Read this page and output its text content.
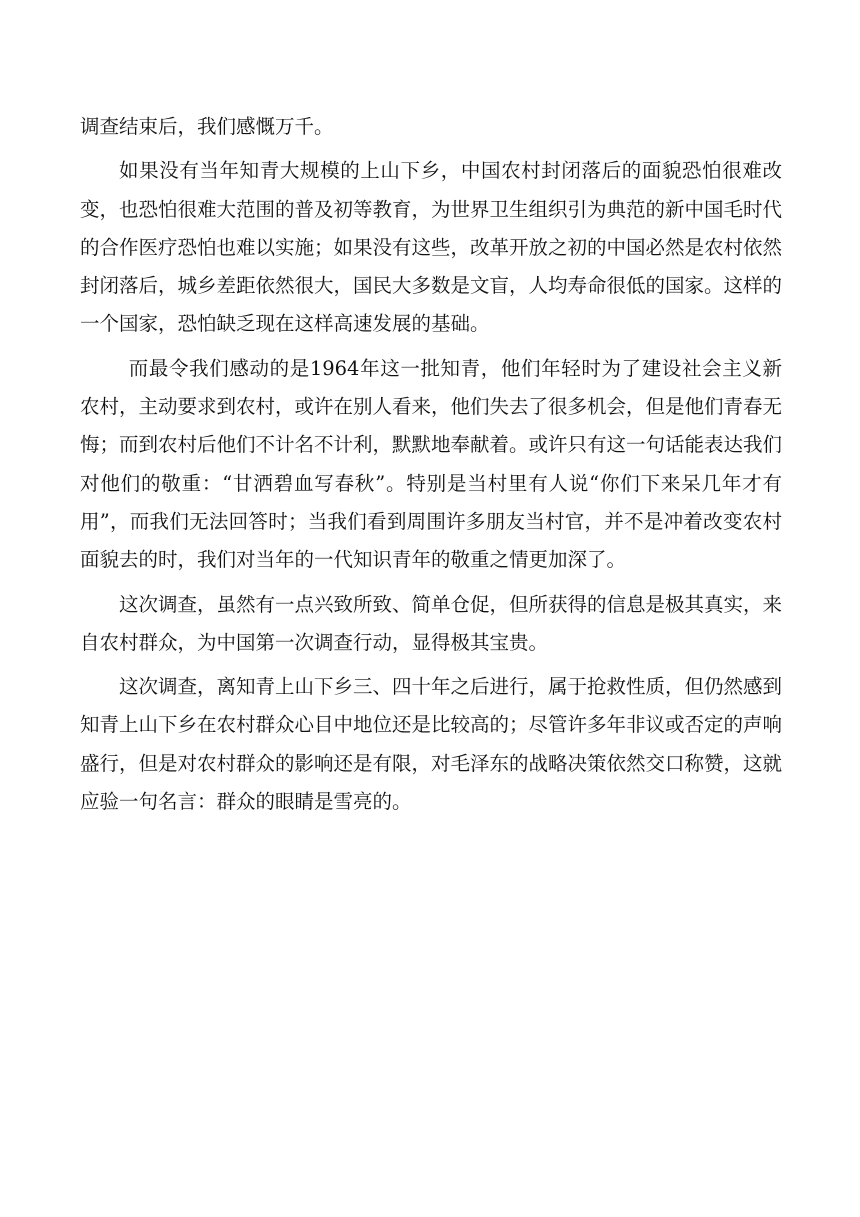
调查结束后，我们感慨万千。

如果没有当年知青大规模的上山下乡，中国农村封闭落后的面貌恐怕很难改变，也恐怕很难大范围的普及初等教育，为世界卫生组织引为典范的新中国毛时代的合作医疗恐怕也难以实施；如果没有这些，改革开放之初的中国必然是农村依然封闭落后，城乡差距依然很大，国民大多数是文盲，人均寿命很低的国家。这样的一个国家，恐怕缺乏现在这样高速发展的基础。

而最令我们感动的是1964年这一批知青，他们年轻时为了建设社会主义新农村，主动要求到农村，或许在别人看来，他们失去了很多机会，但是他们青春无悔；而到农村后他们不计名不计利，默默地奉献着。或许只有这一句话能表达我们对他们的敬重：“甘洒碧血写春秋”。特别是当村里有人说“你们下来呆几年才有用”，而我们无法回答时；当我们看到周围许多朋友当村官，并不是冲着改变农村面貌去的时，我们对当年的一代知识青年的敬重之情更加深了。

这次调查，虽然有一点兴致所致、简单仓促，但所获得的信息是极其真实，来自农村群众，为中国第一次调查行动，显得极其宝贵。

这次调查，离知青上山下乡三、四十年之后进行，属于抢救性质，但仍然感到知青上山下乡在农村群众心目中地位还是比较高的；尽管许多年非议或否定的声响盛行，但是对农村群众的影响还是有限，对毛泽东的战略决策依然交口称赞，这就应验一句名言：群众的眼睛是雪亮的。
